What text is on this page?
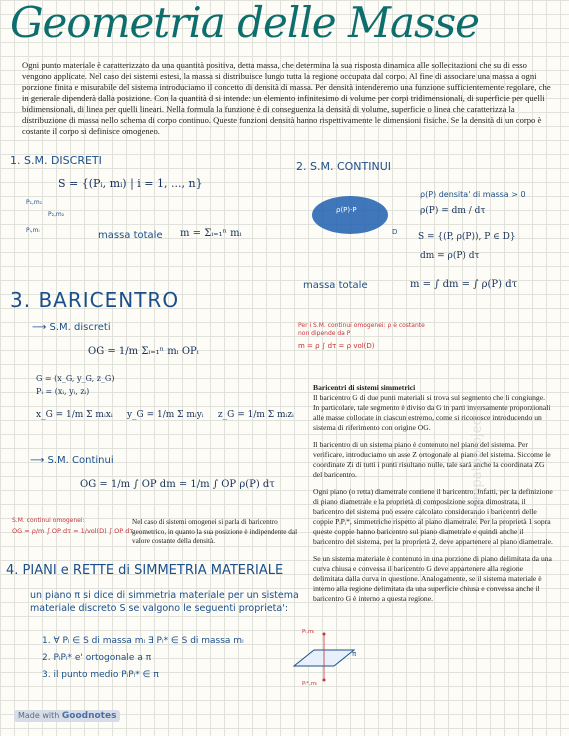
Geometria delle Masse
Ogni punto materiale è caratterizzato da una quantità positiva, detta massa, che determina la sua risposta dinamica alle sollecitazioni che su di esso vengono applicate. Nel caso dei sistemi estesi, la massa si distribuisce lungo tutta la regione occupata dal corpo. Al fine di associare una massa a ogni porzione finita e misurabile del sistema introduciamo il concetto di densità di massa. Per densità intenderemo una funzione sufficientemente regolare, che in generale dipenderà dalla posizione. Con la quantità d si intende: un elemento infinitesimo di volume per corpi tridimensionali, di superficie per quelli bidimensionali, di linea per quelli lineari. Nella formula la funzione è di conseguenza la densità di volume, superficie o linea che caratterizza la distribuzione di massa nello schema di corpo continuo. Queste funzioni densità hanno rispettivamente le dimensioni fisiche. Se la densità di un corpo è costante il corpo si definisce omogeneo.
1. S.M. DISCRETI
S = {(Pᵢ, mᵢ) | i = 1, ..., n}
P₁,m₁
P₂,m₂
Pᵢ,mᵢ	massa totale m = Σᵢ₌₁ⁿ mᵢ
2. S.M. CONTINUI
ρ(P)·P
D
ρ(P) densita' di massa > 0
ρ(P) = dm / dτ
S = {(P, ρ(P)), P ∈ D}
dm = ρ(P) dτ
massa totale	m = ∫ dm = ∫ ρ(P) dτ
Per i S.M. continui omogenei: ρ è costante
non dipende da P
m = ρ ∫ dτ = ρ vol(D)
3. BARICENTRO
⟶ S.M. discreti
OG = 1/m Σᵢ₌₁ⁿ mᵢ OPᵢ
G = (x_G, y_G, z_G)
Pᵢ = (xᵢ, yᵢ, zᵢ)
x_G = 1/m Σ mᵢxᵢ     y_G = 1/m Σ mᵢyᵢ     z_G = 1/m Σ mᵢzᵢ
⟶ S.M. Continui
OG = 1/m ∫ OP dm = 1/m ∫ OP ρ(P) dτ
S.M. continui omogenei:
OG = ρ/m ∫ OP dτ = 1/vol(D) ∫ OP dτ
Nel caso di sistemi omogenei si parla di baricentro geometrico, in quanto la sua posizione è indipendente dal valore costante della densità.
4. PIANI e RETTE di SIMMETRIA MATERIALE
un piano π si dice di simmetria materiale per un sistema materiale discreto S se valgono le seguenti proprieta':
1. ∀ Pᵢ ∈ S di massa mᵢ ∃ Pᵢ* ∈ S di massa mᵢ
2. PᵢPᵢ* e' ortogonale a π
3. il punto medio PᵢPᵢ* ∈ π
Pᵢ,mᵢ
π
Pᵢ*,mᵢ

Baricentri di sistemi simmetrici
Il baricentro G di due punti materiali si trova sul segmento che li congiunge. In particolare, tale segmento è diviso da G in parti inversamente proporzionali alle masse collocate in ciascun estremo, come si riconosce introducendo un sistema di riferimento con origine OG.

Il baricentro di un sistema piano è contenuto nel piano del sistema. Per verificare, introduciamo un asse Z ortogonale al piano del sistema. Siccome le coordinate Zi di tutti i punti risultano nulle, tale sarà anche la coordinata ZG del baricentro.

Ogni piano (o retta) diametrale contiene il baricentro. Infatti, per la definizione di piano diametrale e la proprietà di composizione sopra dimostrata, il baricentro del sistema può essere calcolato considerando i baricentri delle coppie PᵢPᵢ*, simmetriche rispetto al piano diametrale. Per la proprietà 1 sopra queste coppie hanno baricentro sul piano diametrale e quindi anche il baricentro del sistema, per la proprietà 2, deve appartenere al piano diametrale.

Se un sistema materiale è contenuto in una porzione di piano delimitata da una curva chiusa e convessa il baricentro G deve appartenere alla regione delimitata dalla curva in questione. Analogamente, se il sistema materiale è interno alla regione delimitata da una superficie chiusa e convessa anche il baricentro G è interno a questa regione.

stampatoprojects
Made with Goodnotes
